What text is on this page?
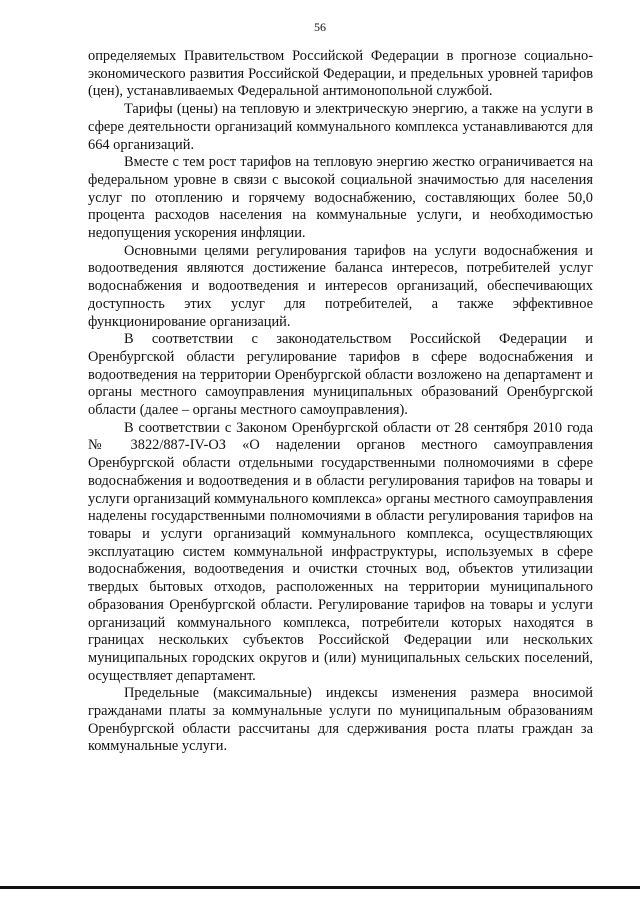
56

определяемых Правительством Российской Федерации в прогнозе социально-экономического развития Российской Федерации, и предельных уровней тарифов (цен), устанавливаемых Федеральной антимонопольной службой.

Тарифы (цены) на тепловую и электрическую энергию, а также на услуги в сфере деятельности организаций коммунального комплекса устанавливаются для 664 организаций.

Вместе с тем рост тарифов на тепловую энергию жестко ограничивается на федеральном уровне в связи с высокой социальной значимостью для населения услуг по отоплению и горячему водоснабжению, составляющих более 50,0 процента расходов населения на коммунальные услуги, и необходимостью недопущения ускорения инфляции.

Основными целями регулирования тарифов на услуги водоснабжения и водоотведения являются достижение баланса интересов, потребителей услуг водоснабжения и водоотведения и интересов организаций, обеспечивающих доступность этих услуг для потребителей, а также эффективное функционирование организаций.

В соответствии с законодательством Российской Федерации и Оренбургской области регулирование тарифов в сфере водоснабжения и водоотведения на территории Оренбургской области возложено на департамент и органы местного самоуправления муниципальных образований Оренбургской области (далее – органы местного самоуправления).

В соответствии с Законом Оренбургской области от 28 сентября 2010 года № 3822/887-IV-ОЗ «О наделении органов местного самоуправления Оренбургской области отдельными государственными полномочиями в сфере водоснабжения и водоотведения и в области регулирования тарифов на товары и услуги организаций коммунального комплекса» органы местного самоуправления наделены государственными полномочиями в области регулирования тарифов на товары и услуги организаций коммунального комплекса, осуществляющих эксплуатацию систем коммунальной инфраструктуры, используемых в сфере водоснабжения, водоотведения и очистки сточных вод, объектов утилизации твердых бытовых отходов, расположенных на территории муниципального образования Оренбургской области. Регулирование тарифов на товары и услуги организаций коммунального комплекса, потребители которых находятся в границах нескольких субъектов Российской Федерации или нескольких муниципальных городских округов и (или) муниципальных сельских поселений, осуществляет департамент.

Предельные (максимальные) индексы изменения размера вносимой гражданами платы за коммунальные услуги по муниципальным образованиям Оренбургской области рассчитаны для сдерживания роста платы граждан за коммунальные услуги.
